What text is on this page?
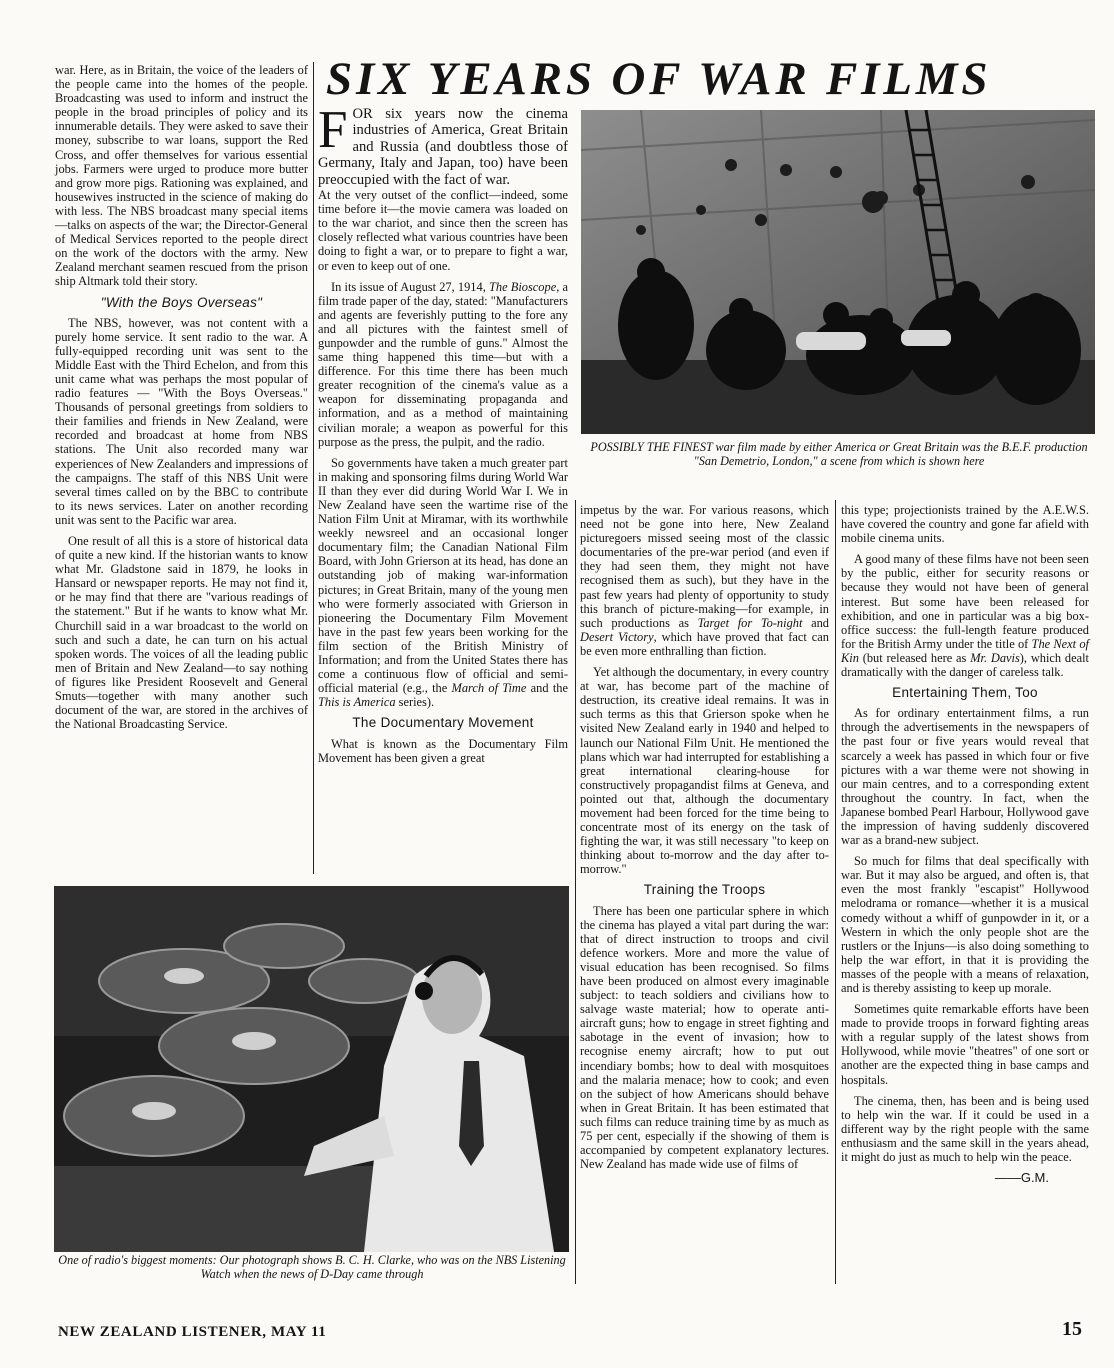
SIX YEARS OF WAR FILMS

war. Here, as in Britain, the voice of the leaders of the people came into the homes of the people. Broadcasting was used to inform and instruct the people in the broad principles of policy and its innumerable details. They were asked to save their money, subscribe to war loans, support the Red Cross, and offer themselves for various essential jobs. Farmers were urged to produce more butter and grow more pigs. Rationing was explained, and housewives instructed in the science of making do with less. The NBS broadcast many special items —talks on aspects of the war; the Director-General of Medical Services reported to the people direct on the work of the doctors with the army. New Zealand merchant seamen rescued from the prison ship Altmark told their story.

"With the Boys Overseas"

The NBS, however, was not content with a purely home service. It sent radio to the war. A fully-equipped recording unit was sent to the Middle East with the Third Echelon, and from this unit came what was perhaps the most popular of radio features — "With the Boys Overseas." Thousands of personal greetings from soldiers to their families and friends in New Zealand, were recorded and broadcast at home from NBS stations. The Unit also recorded many war experiences of New Zealanders and impressions of the campaigns. The staff of this NBS Unit were several times called on by the BBC to contribute to its news services. Later on another recording unit was sent to the Pacific war area.

One result of all this is a store of historical data of quite a new kind. If the historian wants to know what Mr. Gladstone said in 1879, he looks in Hansard or newspaper reports. He may not find it, or he may find that there are "various readings of the statement." But if he wants to know what Mr. Churchill said in a war broadcast to the world on such and such a date, he can turn on his actual spoken words. The voices of all the leading public men of Britain and New Zealand—to say nothing of figures like President Roosevelt and General Smuts—together with many another such document of the war, are stored in the archives of the National Broadcasting Service.

FOR six years now the cinema industries of America, Great Britain and Russia (and doubtless those of Germany, Italy and Japan, too) have been preoccupied with the fact of war.

At the very outset of the conflict—indeed, some time before it—the movie camera was loaded on to the war chariot, and since then the screen has closely reflected what various countries have been doing to fight a war, or to prepare to fight a war, or even to keep out of one.

In its issue of August 27, 1914, The Bioscope, a film trade paper of the day, stated: "Manufacturers and agents are feverishly putting to the fore any and all pictures with the faintest smell of gunpowder and the rumble of guns." Almost the same thing happened this time—but with a difference. For this time there has been much greater recognition of the cinema's value as a weapon for disseminating propaganda and information, and as a method of maintaining civilian morale; a weapon as powerful for this purpose as the press, the pulpit, and the radio.

So governments have taken a much greater part in making and sponsoring films during World War II than they ever did during World War I. We in New Zealand have seen the wartime rise of the Nation Film Unit at Miramar, with its worthwhile weekly newsreel and an occasional longer documentary film; the Canadian National Film Board, with John Grierson at its head, has done an outstanding job of making war-information pictures; in Great Britain, many of the young men who were formerly associated with Grierson in pioneering the Documentary Film Movement have in the past few years been working for the film section of the British Ministry of Information; and from the United States there has come a continuous flow of official and semi-official material (e.g., the March of Time and the This is America series).

The Documentary Movement

What is known as the Documentary Film Movement has been given a great

POSSIBLY THE FINEST war film made by either America or Great Britain was the B.E.F. production "San Demetrio, London," a scene from which is shown here
One of radio's biggest moments: Our photograph shows B. C. H. Clarke, who was on the NBS Listening Watch when the news of D-Day came through

impetus by the war. For various reasons, which need not be gone into here, New Zealand picturegoers missed seeing most of the classic documentaries of the pre-war period (and even if they had seen them, they might not have recognised them as such), but they have in the past few years had plenty of opportunity to study this branch of picture-making—for example, in such productions as Target for To-night and Desert Victory, which have proved that fact can be even more enthralling than fiction.

Yet although the documentary, in every country at war, has become part of the machine of destruction, its creative ideal remains. It was in such terms as this that Grierson spoke when he visited New Zealand early in 1940 and helped to launch our National Film Unit. He mentioned the plans which war had interrupted for establishing a great international clearing-house for constructively propagandist films at Geneva, and pointed out that, although the documentary movement had been forced for the time being to concentrate most of its energy on the task of fighting the war, it was still necessary "to keep on thinking about to-morrow and the day after to-morrow."

Training the Troops

There has been one particular sphere in which the cinema has played a vital part during the war: that of direct instruction to troops and civil defence workers. More and more the value of visual education has been recognised. So films have been produced on almost every imaginable subject: to teach soldiers and civilians how to salvage waste material; how to operate anti-aircraft guns; how to engage in street fighting and sabotage in the event of invasion; how to recognise enemy aircraft; how to put out incendiary bombs; how to deal with mosquitoes and the malaria menace; how to cook; and even on the subject of how Americans should behave when in Great Britain. It has been estimated that such films can reduce training time by as much as 75 per cent, especially if the showing of them is accompanied by competent explanatory lectures. New Zealand has made wide use of films of

this type; projectionists trained by the A.E.W.S. have covered the country and gone far afield with mobile cinema units.

A good many of these films have not been seen by the public, either for security reasons or because they would not have been of general interest. But some have been released for exhibition, and one in particular was a big box-office success: the full-length feature produced for the British Army under the title of The Next of Kin (but released here as Mr. Davis), which dealt dramatically with the danger of careless talk.

Entertaining Them, Too

As for ordinary entertainment films, a run through the advertisements in the newspapers of the past four or five years would reveal that scarcely a week has passed in which four or five pictures with a war theme were not showing in our main centres, and to a corresponding extent throughout the country. In fact, when the Japanese bombed Pearl Harbour, Hollywood gave the impression of having suddenly discovered war as a brand-new subject.

So much for films that deal specifically with war. But it may also be argued, and often is, that even the most frankly "escapist" Hollywood melodrama or romance—whether it is a musical comedy without a whiff of gunpowder in it, or a Western in which the only people shot are the rustlers or the Injuns—is also doing something to help the war effort, in that it is providing the masses of the people with a means of relaxation, and is thereby assisting to keep up morale.

Sometimes quite remarkable efforts have been made to provide troops in forward fighting areas with a regular supply of the latest shows from Hollywood, while movie "theatres" of one sort or another are the expected thing in base camps and hospitals.

The cinema, then, has been and is being used to help win the war. If it could be used in a different way by the right people with the same enthusiasm and the same skill in the years ahead, it might do just as much to help win the peace.

——G.M.
NEW ZEALAND LISTENER, MAY 11	15
